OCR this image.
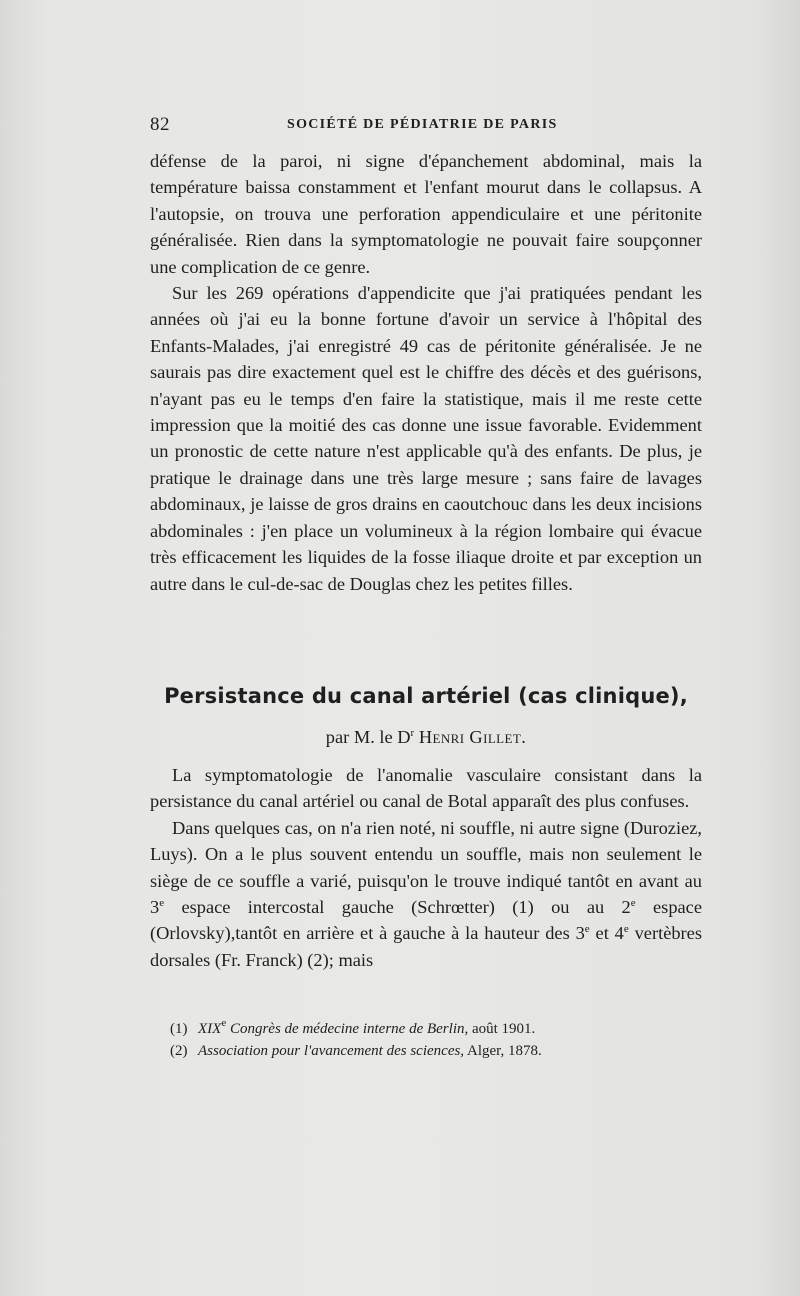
82	SOCIÉTÉ DE PÉDIATRIE DE PARIS

défense de la paroi, ni signe d'épanchement abdominal, mais la température baissa constamment et l'enfant mourut dans le collapsus. A l'autopsie, on trouva une perforation appendiculaire et une péritonite généralisée. Rien dans la symptomatologie ne pouvait faire soupçonner une complication de ce genre.

Sur les 269 opérations d'appendicite que j'ai pratiquées pendant les années où j'ai eu la bonne fortune d'avoir un service à l'hôpital des Enfants-Malades, j'ai enregistré 49 cas de péritonite généralisée. Je ne saurais pas dire exactement quel est le chiffre des décès et des guérisons, n'ayant pas eu le temps d'en faire la statistique, mais il me reste cette impression que la moitié des cas donne une issue favorable. Evidemment un pronostic de cette nature n'est applicable qu'à des enfants. De plus, je pratique le drainage dans une très large mesure ; sans faire de lavages abdominaux, je laisse de gros drains en caoutchouc dans les deux incisions abdominales : j'en place un volumineux à la région lombaire qui évacue très efficacement les liquides de la fosse iliaque droite et par exception un autre dans le cul-de-sac de Douglas chez les petites filles.

Persistance du canal artériel (cas clinique),
par M. le $D^r$ Henri Gillet.

La symptomatologie de l'anomalie vasculaire consistant dans la persistance du canal artériel ou canal de Botal apparaît des plus confuses.

Dans quelques cas, on n'a rien noté, ni souffle, ni autre signe (Duroziez, Luys). On a le plus souvent entendu un souffle, mais non seulement le siège de ce souffle a varié, puisqu'on le trouve indiqué tantôt en avant au 3e espace intercostal gauche (Schrœtter) (1) ou au 2e espace (Orlovsky),tantôt en arrière et à gauche à la hauteur des 3e et 4e vertèbres dorsales (Fr. Franck) (2); mais

(1) XIXe Congrès de médecine interne de Berlin, août 1901.
(2) Association pour l'avancement des sciences, Alger, 1878.
